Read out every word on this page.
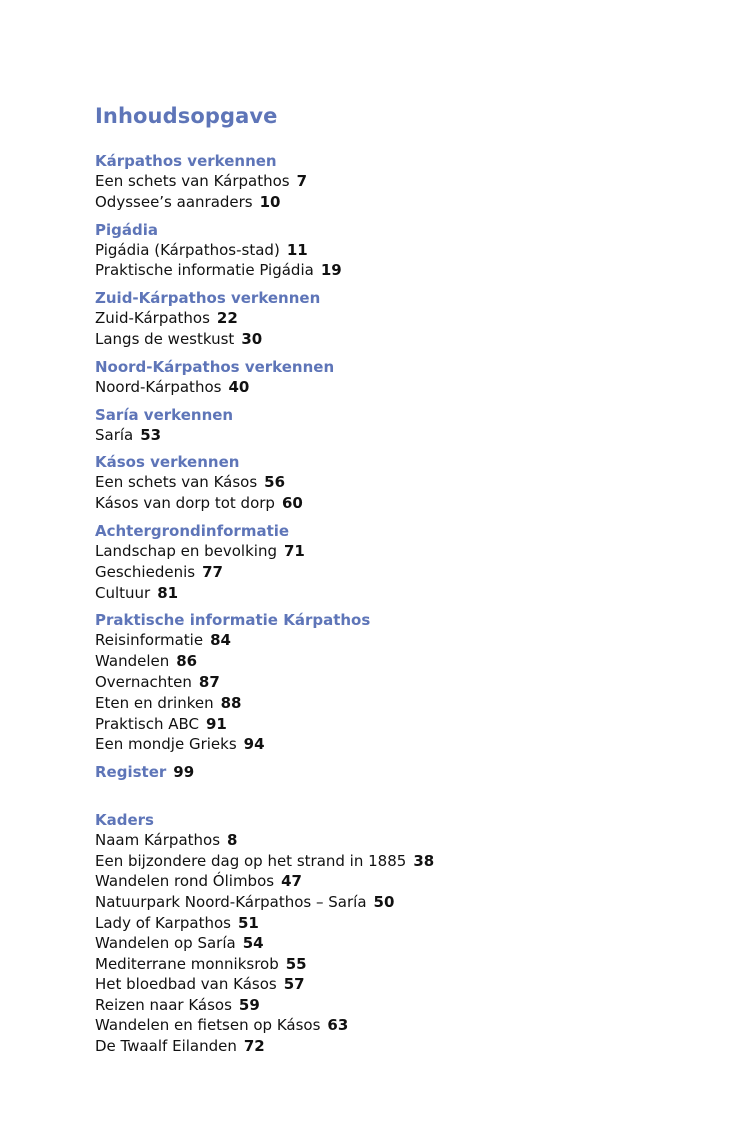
Inhoudsopgave
Kárpathos verkennen
Een schets van Kárpathos 7
Odyssee’s aanraders 10
Pigádia
Pigádia (Kárpathos-stad) 11
Praktische informatie Pigádia 19
Zuid-Kárpathos verkennen
Zuid-Kárpathos 22
Langs de westkust 30
Noord-Kárpathos verkennen
Noord-Kárpathos 40
Saría verkennen
Saría 53
Kásos verkennen
Een schets van Kásos 56
Kásos van dorp tot dorp 60
Achtergrondinformatie
Landschap en bevolking 71
Geschiedenis 77
Cultuur 81
Praktische informatie Kárpathos
Reisinformatie 84
Wandelen 86
Overnachten 87
Eten en drinken 88
Praktisch ABC 91
Een mondje Grieks 94
Register 99
Kaders
Naam Kárpathos 8
Een bijzondere dag op het strand in 1885 38
Wandelen rond Ólimbos 47
Natuurpark Noord-Kárpathos – Saría 50
Lady of Karpathos 51
Wandelen op Saría 54
Mediterrane monniksrob 55
Het bloedbad van Kásos 57
Reizen naar Kásos 59
Wandelen en fietsen op Kásos 63
De Twaalf Eilanden 72
